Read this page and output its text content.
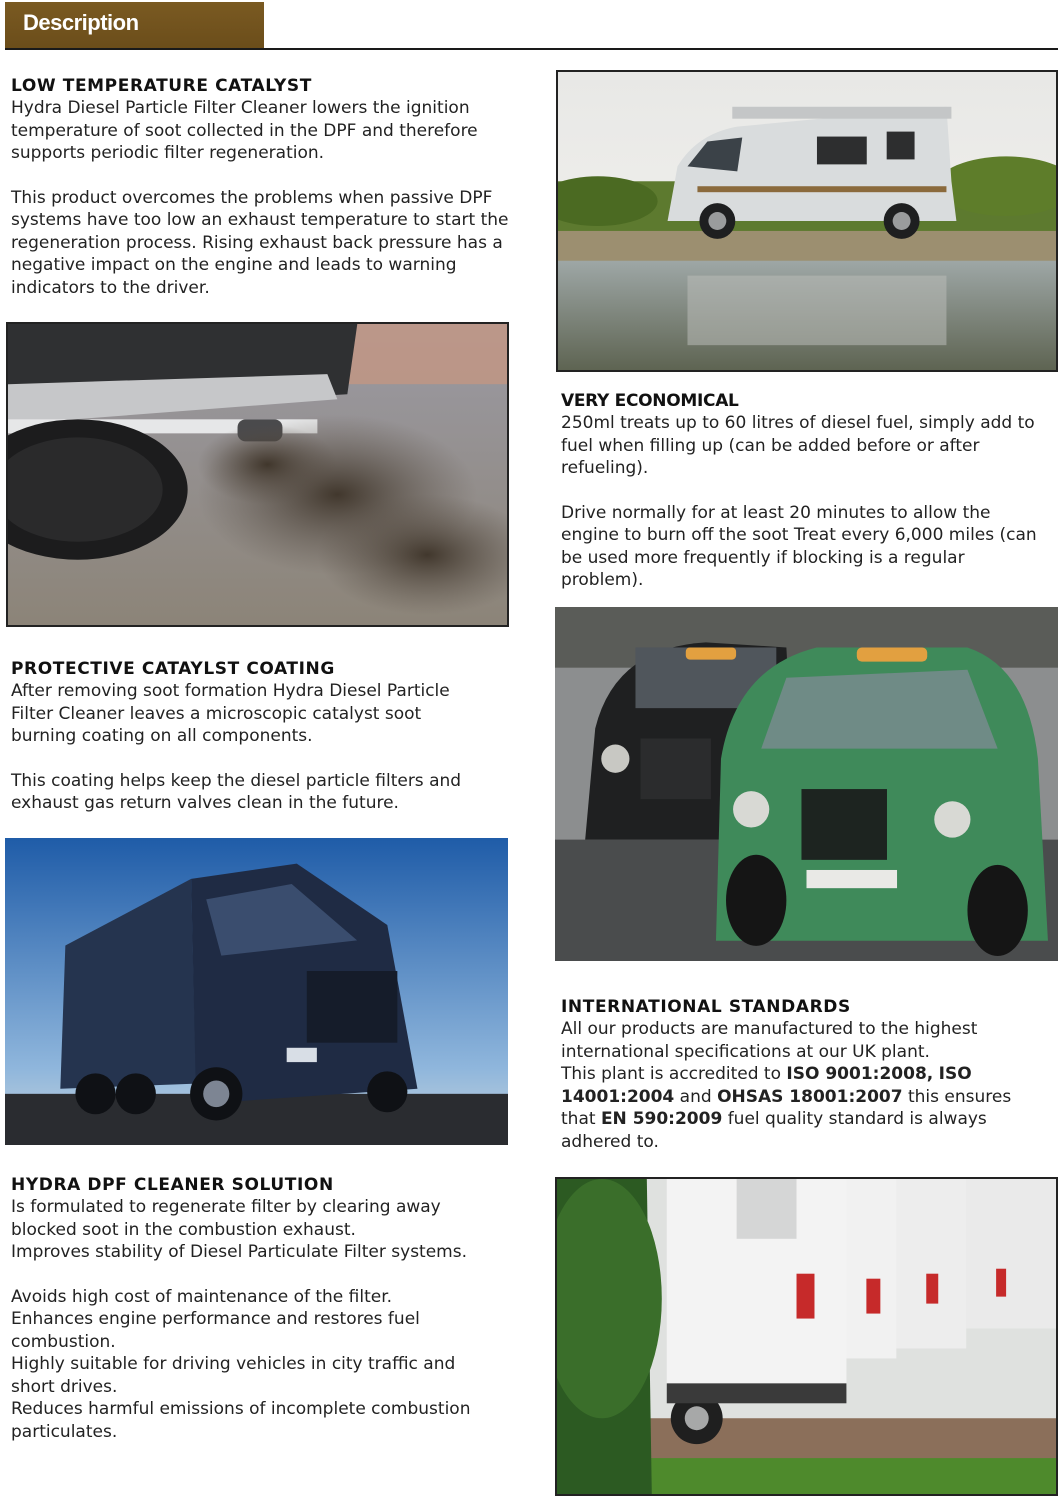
Description
LOW TEMPERATURE CATALYST

Hydra Diesel Particle Filter Cleaner lowers the ignition temperature of soot collected in the DPF and therefore supports periodic filter regeneration.

This product overcomes the problems when passive DPF systems have too low an exhaust temperature to start the regeneration process. Rising exhaust back pressure has a negative impact on the engine and leads to warning indicators to the driver.

VERY ECONOMICAL

250ml treats up to 60 litres of diesel fuel, simply add to fuel when filling up (can be added before or after refueling).

Drive normally for at least 20 minutes to allow the engine to burn off the soot Treat every 6,000 miles (can be used more frequently if blocking is a regular problem).

PROTECTIVE CATAYLST COATING

After removing soot formation Hydra Diesel Particle Filter Cleaner leaves a microscopic catalyst soot burning coating on all components.

This coating helps keep the diesel particle filters and exhaust gas return valves clean in the future.

INTERNATIONAL STANDARDS

All our products are manufactured to the highest international specifications at our UK plant.

This plant is accredited to ISO 9001:2008, ISO 14001:2004 and OHSAS 18001:2007 this ensures that EN 590:2009 fuel quality standard is always adhered to.

HYDRA DPF CLEANER SOLUTION

Is formulated to regenerate filter by clearing away blocked soot in the combustion exhaust.

Improves stability of Diesel Particulate Filter systems.

Avoids high cost of maintenance of the filter.

Enhances engine performance and restores fuel combustion.

Highly suitable for driving vehicles in city traffic and short drives.

Reduces harmful emissions of incomplete combustion particulates.
